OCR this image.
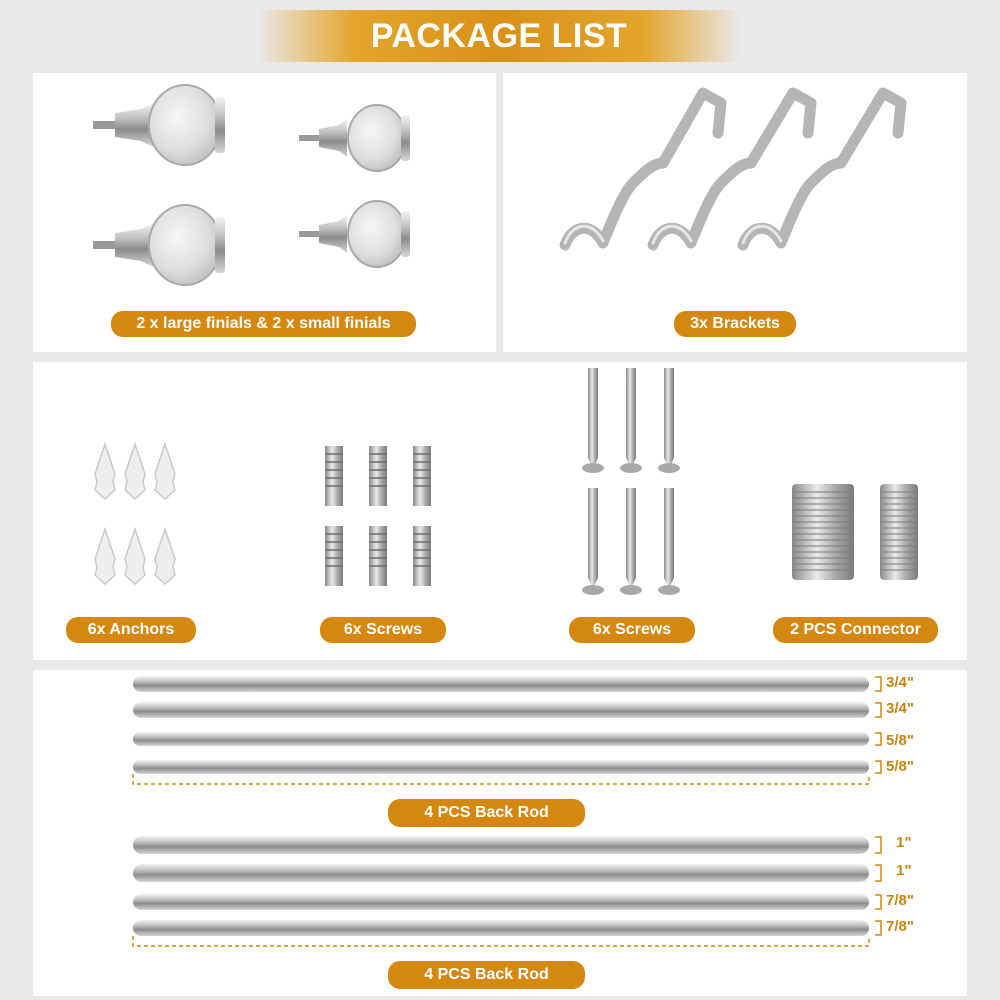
PACKAGE LIST
2 x large finials & 2 x small finials	3x Brackets
6x Anchors	6x Screws	6x Screws	2 PCS Connector
3/4"
3/4"
5/8"
5/8"
4 PCS Back Rod
1"
1"
7/8"
7/8"
4 PCS Back Rod
